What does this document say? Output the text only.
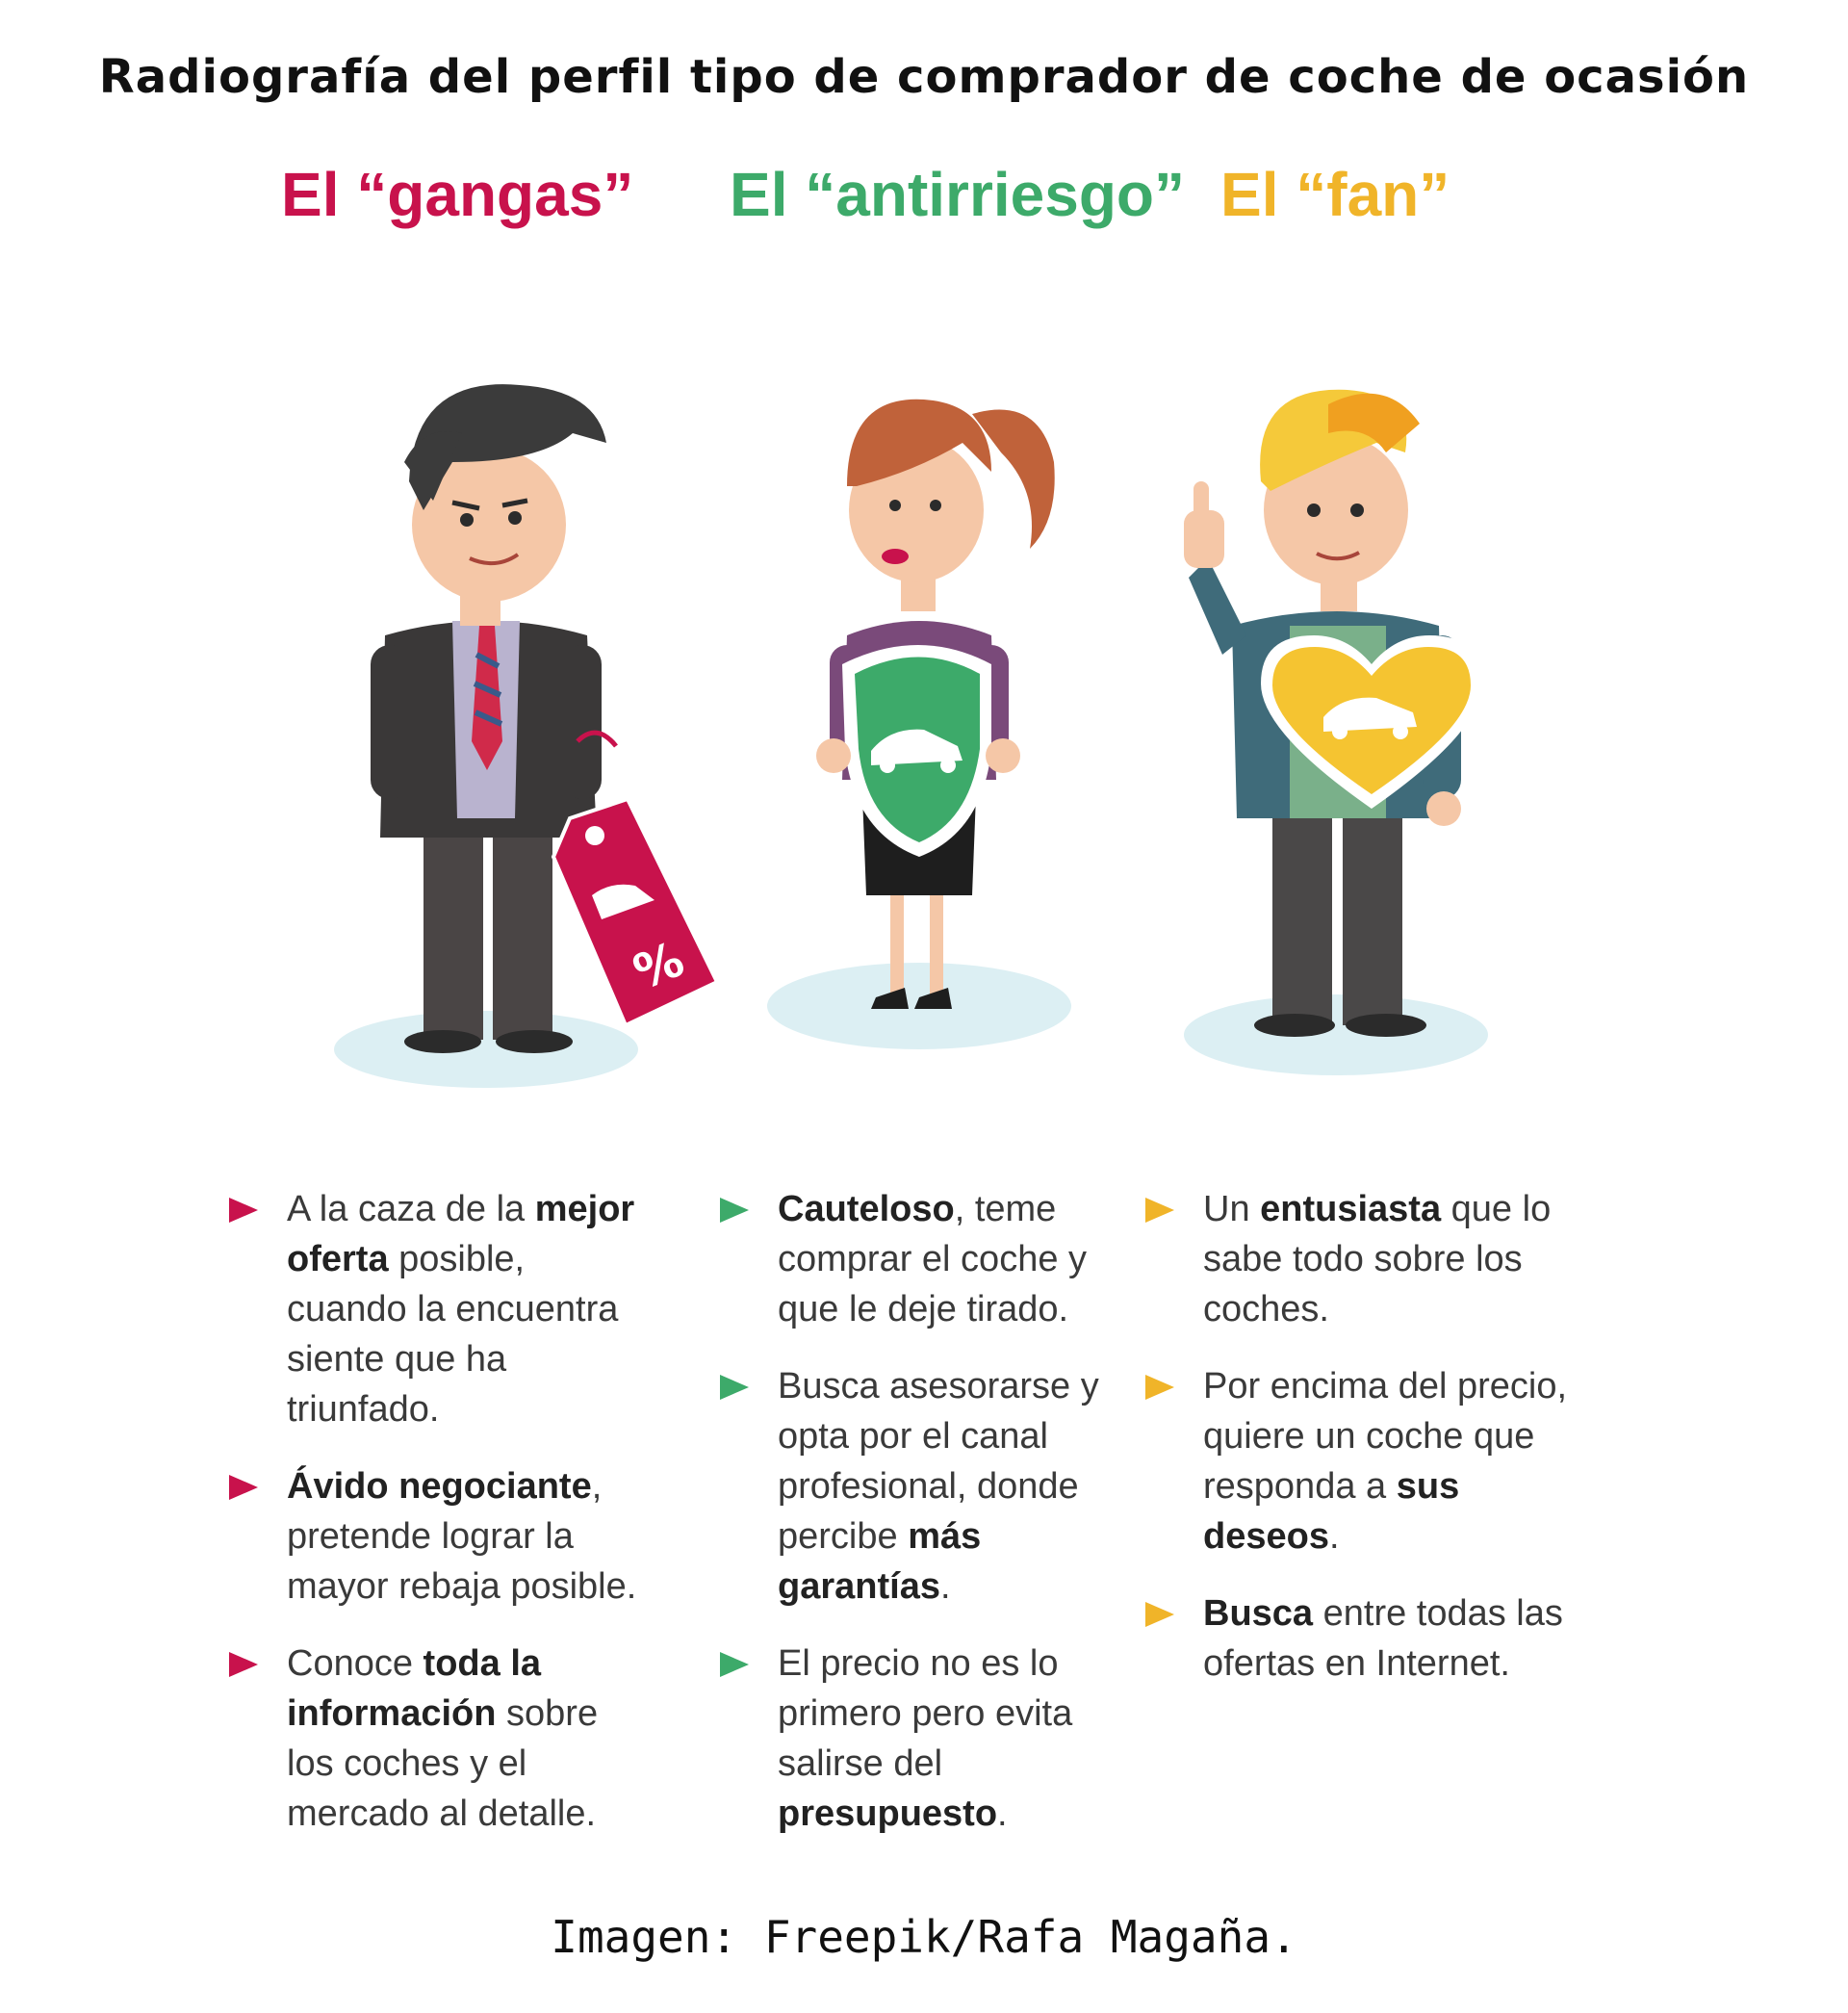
Radiografía del perfil tipo de comprador de coche de ocasión
El “gangas” El “antirriesgo” El “fan”
%
A la caza de la mejor oferta posible, cuando la encuentra siente que ha triunfado.
Ávido negociante, pretende lograr la mayor rebaja posible.
Conoce toda la información sobre los coches y el mercado al detalle.
Cauteloso, teme comprar el coche y que le deje tirado.
Busca asesorarse y opta por el canal profesional, donde percibe más garantías.
El precio no es lo primero pero evita salirse del presupuesto.
Un entusiasta que lo sabe todo sobre los coches.
Por encima del precio, quiere un coche que responda a sus deseos.
Busca entre todas las ofertas en Internet.
Imagen: Freepik/Rafa Magaña.
